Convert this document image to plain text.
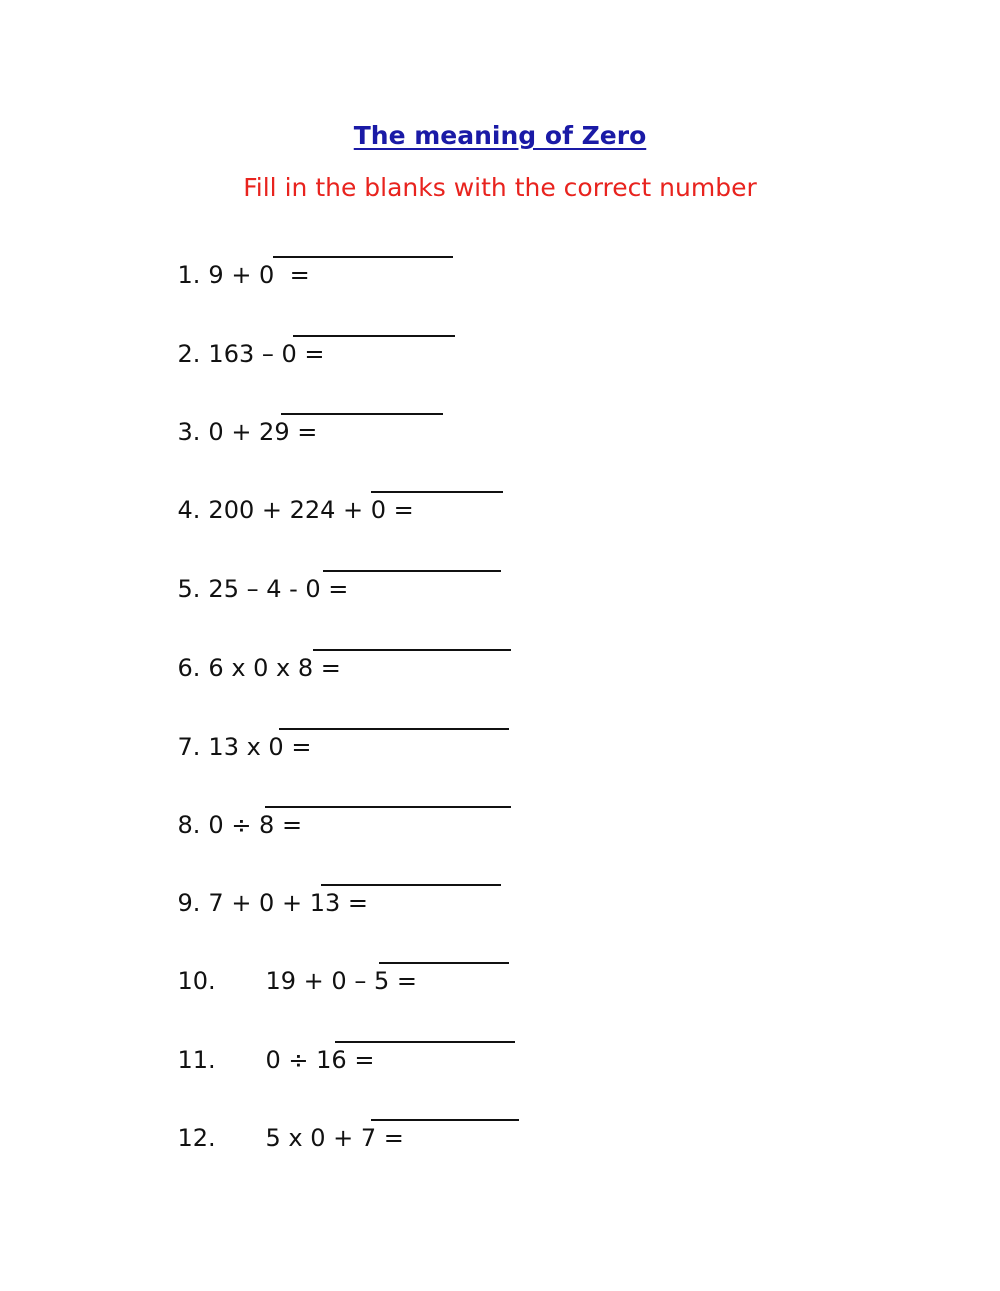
The meaning of Zero
Fill in the blanks with the correct number

1. 9 + 0  =

2. 163 – 0 =

3. 0 + 29 =

4. 200 + 224 + 0 =

5. 25 – 4 - 0 =

6. 6 x 0 x 8 =

7. 13 x 0 =

8. 0 ÷ 8 =

9. 7 + 0 + 13 =

10. 19 + 0 – 5 =

11. 0 ÷ 16 =

12. 5 x 0 + 7 =
